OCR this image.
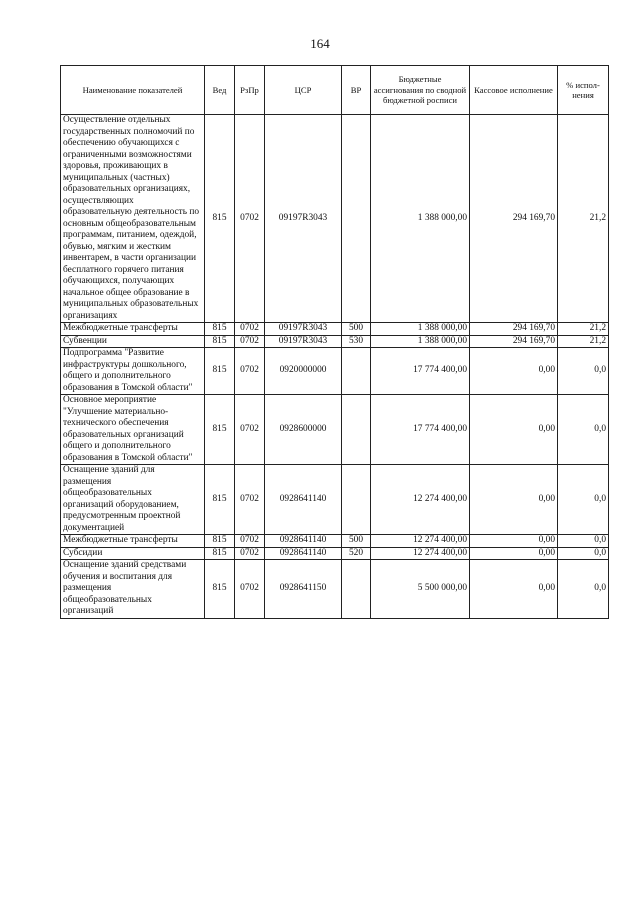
164
Наименование показателей	Вед	РзПр	ЦСР	ВР	Бюджетные ассигнования по сводной бюджетной росписи	Кассовое исполнение	% испол-нения
Осуществление отдельных государственных полномочий по обеспечению обучающихся с ограниченными возможностями здоровья, проживающих в муниципальных (частных) образовательных организациях, осуществляющих образовательную деятельность по основным общеобразовательным программам, питанием, одеждой, обувью, мягким и жестким инвентарем, в части организации бесплатного горячего питания обучающихся, получающих начальное общее образование в муниципальных образовательных организациях	815	0702	09197R3043		1 388 000,00	294 169,70	21,2
Межбюджетные трансферты	815	0702	09197R3043	500	1 388 000,00	294 169,70	21,2
Субвенции	815	0702	09197R3043	530	1 388 000,00	294 169,70	21,2
Подпрограмма "Развитие инфраструктуры дошкольного, общего и дополнительного образования в Томской области"	815	0702	0920000000		17 774 400,00	0,00	0,0
Основное мероприятие "Улучшение материально-технического обеспечения образовательных организаций общего и дополнительного образования в Томской области"	815	0702	0928600000		17 774 400,00	0,00	0,0
Оснащение зданий для размещения общеобразовательных организаций оборудованием, предусмотренным проектной документацией	815	0702	0928641140		12 274 400,00	0,00	0,0
Межбюджетные трансферты	815	0702	0928641140	500	12 274 400,00	0,00	0,0
Субсидии	815	0702	0928641140	520	12 274 400,00	0,00	0,0
Оснащение зданий средствами обучения и воспитания для размещения общеобразовательных организаций	815	0702	0928641150		5 500 000,00	0,00	0,0
